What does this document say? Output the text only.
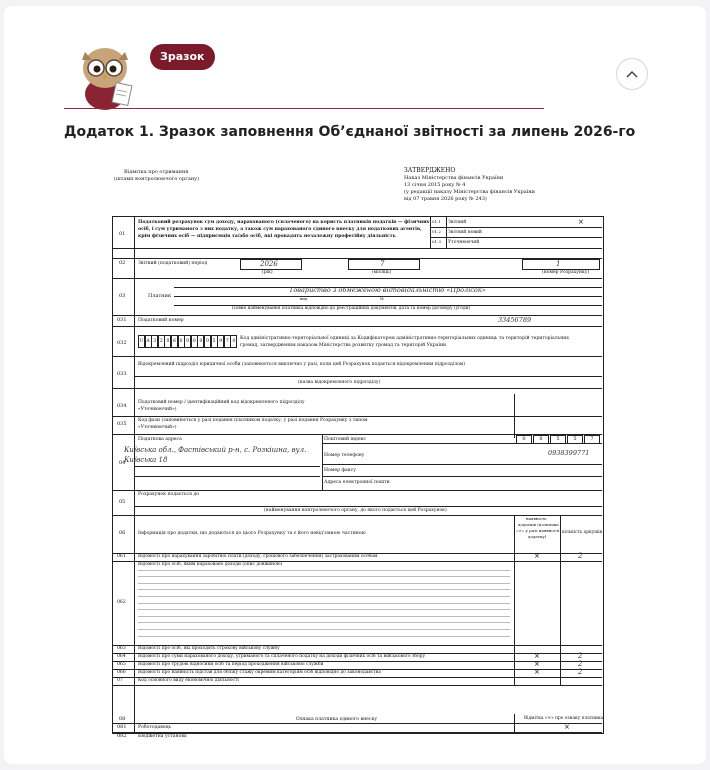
Зразок
Додаток 1. Зразок заповнення Об’єднаної звітності за липень 2026-го
Відмітка про отримання
(штамп контролюючого органу)
ЗАТВЕРДЖЕНО
Наказ Міністерства фінансів України
13 січня 2015 року № 4
(у редакції наказу Міністерства фінансів України
від 07 травня 2026 року № 243)
01
Податковий розрахунок сум доходу, нарахованого (сплаченого) на користь платників податків — фізичних
осіб, і сум утриманого з них податку, а також сум нарахованого єдиного внеску для податкових агентів,
крім фізичних осіб — підприємців та/або осіб, які провадять незалежну професійну діяльність
01.1 Звітний	×
01.2 Звітний новий
01.3 Уточнюючий
02	Звітний (податковий) період	2026
(рік)
7
(місяць)
1
(номер Розрахунку)
03	Платник
Товариство з обмеженою відповідальністю «Пролісок»
вид	№
Повне найменування платника відповідно до реєстраційних документів, дата та номер договору (угоди)
031 Податковий номер	33456789
032	U A 3 2 0 6 0 0 0 0 0 5 9 7 0
Код адміністративно-територіальної одиниці за Кодифікатором адміністративно-територіальних одиниць та територій територіальних
громад, затвердженим наказом Міністерства розвитку громад та територій України
033
Відокремлений підрозділ юридичної особи (заповнюється виключно у разі, коли цей Розрахунок подається відокремленим підрозділом)
(назва відокремленого підрозділу)
034
Податковий номер / ідентифікаційний код відокремленого підрозділу
«Уточнюючий»)
035
Код фази (заповнюється у разі подання платником податку, у разі подання Розрахунку з типом
«Уточнюючий»)
04
Податкова адреса
Київська обл., Фастівський р-н, с. Розкішна, вул.
Київська 18
Поштовий індекс	0	8	5	5	7
Номер телефону	0938399771
Номер факсу
Адреса електронної пошти
05
Розрахунок подається до
(найменування контролюючого органу, до якого подається цей Розрахунок)
06	Інформація про додатки, що додаються до цього Розрахунку та є його невід’ємною частиною
наявність
додатків (позначка
«×» у разі наявності
додатку)
кількість аркушів
061	Відомості про нарахування заробітної плати (доходу, грошового забезпечення) застрахованим особам	×	2
062
Відомості про осіб, яким нараховано доходи (опис довжиною)
063	Відомості про осіб, які проходять строкову військову службу
064	Відомості про суми нарахованого доходу, утриманого та сплаченого податку на доходи фізичних осіб та військового збору	×	2
065	Відомості про трудові відносини осіб та період проходження військової служби	×	2
066	Відомості про наявність підстав для обліку стажу окремим категоріям осіб відповідно до законодавства	×	2
07	Код основного виду економічної діяльності
08	Ознака платника єдиного внеску	Відмітка «×» про ознаку платника
081 Роботодавець	×
082 Бюджетна установа
